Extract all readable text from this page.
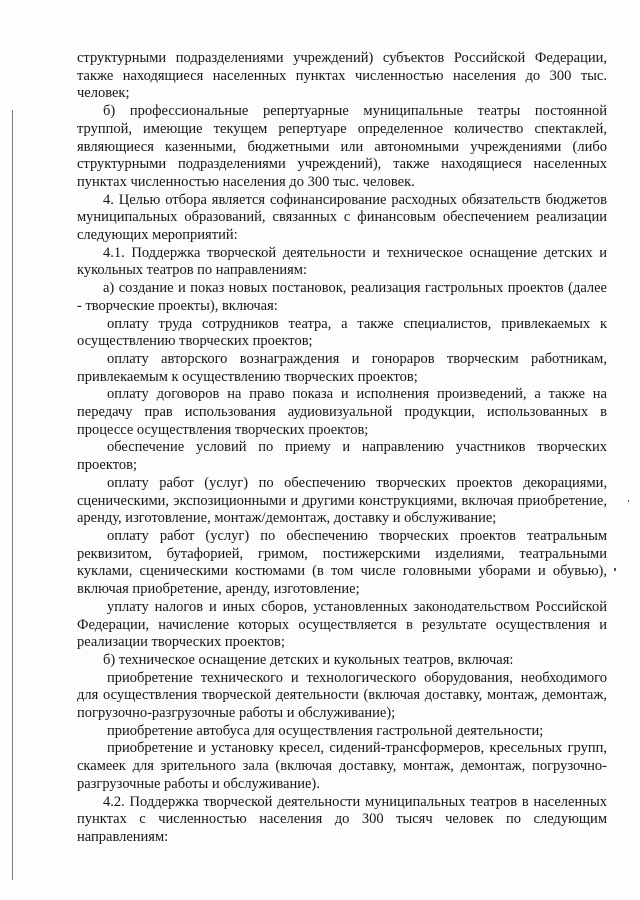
структурными подразделениями учреждений) субъектов Российской Федерации, также находящиеся населенных пунктах численностью населения до 300 тыс. человек;

б) профессиональные репертуарные муниципальные театры постоянной труппой, имеющие текущем репертуаре определенное количество спектаклей, являющиеся казенными, бюджетными или автономными учреждениями (либо структурными подразделениями учреждений), также находящиеся населенных пунктах численностью населения до 300 тыс. человек.

4. Целью отбора является софинансирование расходных обязательств бюджетов муниципальных образований, связанных с финансовым обеспечением реализации следующих мероприятий:

4.1. Поддержка творческой деятельности и техническое оснащение детских и кукольных театров по направлениям:

а) создание и показ новых постановок, реализация гастрольных проектов (далее - творческие проекты), включая:

оплату труда сотрудников театра, а также специалистов, привлекаемых к осуществлению творческих проектов;

оплату авторского вознаграждения и гонораров творческим работникам, привлекаемым к осуществлению творческих проектов;

оплату договоров на право показа и исполнения произведений, а также на передачу прав использования аудиовизуальной продукции, использованных в процессе осуществления творческих проектов;

обеспечение условий по приему и направлению участников творческих проектов;

оплату работ (услуг) по обеспечению творческих проектов декорациями, сценическими, экспозиционными и другими конструкциями, включая приобретение, аренду, изготовление, монтаж/демонтаж, доставку и обслуживание;

оплату работ (услуг) по обеспечению творческих проектов театральным реквизитом, бутафорией, гримом, постижерскими изделиями, театральными куклами, сценическими костюмами (в том числе головными уборами и обувью), включая приобретение, аренду, изготовление;

уплату налогов и иных сборов, установленных законодательством Российской Федерации, начисление которых осуществляется в результате осуществления и реализации творческих проектов;

б) техническое оснащение детских и кукольных театров, включая:

приобретение технического и технологического оборудования, необходимого для осуществления творческой деятельности (включая доставку, монтаж, демонтаж, погрузочно-разгрузочные работы и обслуживание);

приобретение автобуса для осуществления гастрольной деятельности;

приобретение и установку кресел, сидений-трансформеров, кресельных групп, скамеек для зрительного зала (включая доставку, монтаж, демонтаж, погрузочно-разгрузочные работы и обслуживание).

4.2. Поддержка творческой деятельности муниципальных театров в населенных пунктах с численностью населения до 300 тысяч человек по следующим направлениям:
